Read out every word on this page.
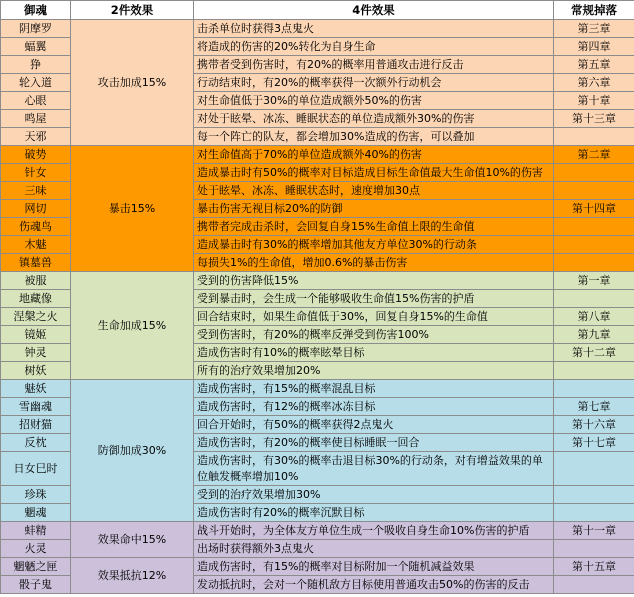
御魂	2件效果	4件效果	常规掉落
阴摩罗	攻击加成15%	击杀单位时获得3点鬼火	第三章
蝠翼		将造成的伤害的20%转化为自身生命	第四章
狰		携带者受到伤害时，有20%的概率用普通攻击进行反击	第五章
轮入道		行动结束时，有20%的概率获得一次额外行动机会	第六章
心眼		对生命值低于30%的单位造成额外50%的伤害	第十章
鸣屋		对处于眩晕、冰冻、睡眠状态的单位造成额外30%的伤害	第十三章
天邪		每一个阵亡的队友，都会增加30%造成的伤害，可以叠加	
破势	暴击15%	对生命值高于70%的单位造成额外40%的伤害	第二章
针女		造成暴击时有50%的概率对目标造成目标生命值最大生命值10%的伤害	
三味		处于眩晕、冰冻、睡眠状态时，速度增加30点	
网切		暴击伤害无视目标20%的防御	第十四章
伤魂鸟		携带者完成击杀时，会回复自身15%生命值上限的生命值	
木魅		造成暴击时有30%的概率增加其他友方单位30%的行动条	
镇墓兽		每损失1%的生命值，增加0.6%的暴击伤害	
被服	生命加成15%	受到的伤害降低15%	第一章
地藏像		受到暴击时，会生成一个能够吸收生命值15%伤害的护盾	
涅槃之火		回合结束时，如果生命值低于30%，回复自身15%的生命值	第八章
镜姬		受到伤害时，有20%的概率反弹受到伤害100%	第九章
钟灵		造成伤害时有10%的概率眩晕目标	第十二章
树妖		所有的治疗效果增加20%	
魅妖	防御加成30%	造成伤害时，有15%的概率混乱目标	
雪幽魂		造成伤害时，有12%的概率冰冻目标	第七章
招财猫		回合开始时，有50%的概率获得2点鬼火	第十六章
反枕		造成伤害时，有20%的概率使目标睡眠一回合	第十七章
日女巳时		造成伤害时，有30%的概率击退目标30%的行动条，对有增益效果的单位触发概率增加10%	
珍珠		受到的治疗效果增加30%	
魍魂		造成伤害时有20%的概率沉默目标	
蚌精	效果命中15%	战斗开始时，为全体友方单位生成一个吸收自身生命10%伤害的护盾	第十一章
火灵		出场时获得额外3点鬼火	
魍魉之匣	效果抵抗12%	造成伤害时，有15%的概率对目标附加一个随机减益效果	第十五章
骰子鬼		发动抵抗时，会对一个随机敌方目标使用普通攻击50%的伤害的反击	
